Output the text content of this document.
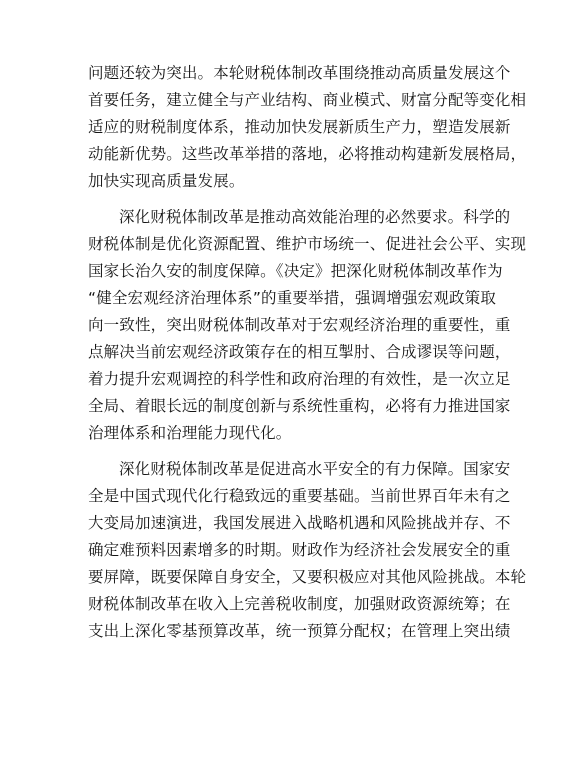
问题还较为突出。本轮财税体制改革围绕推动高质量发展这个
首要任务，建立健全与产业结构、商业模式、财富分配等变化相
适应的财税制度体系，推动加快发展新质生产力，塑造发展新
动能新优势。这些改革举措的落地，必将推动构建新发展格局，
加快实现高质量发展。
深化财税体制改革是推动高效能治理的必然要求。科学的
财税体制是优化资源配置、维护市场统一、促进社会公平、实现
国家长治久安的制度保障。《决定》把深化财税体制改革作为
“健全宏观经济治理体系”的重要举措，强调增强宏观政策取
向一致性，突出财税体制改革对于宏观经济治理的重要性，重
点解决当前宏观经济政策存在的相互掣肘、合成谬误等问题，
着力提升宏观调控的科学性和政府治理的有效性，是一次立足
全局、着眼长远的制度创新与系统性重构，必将有力推进国家
治理体系和治理能力现代化。
深化财税体制改革是促进高水平安全的有力保障。国家安
全是中国式现代化行稳致远的重要基础。当前世界百年未有之
大变局加速演进，我国发展进入战略机遇和风险挑战并存、不
确定难预料因素增多的时期。财政作为经济社会发展安全的重
要屏障，既要保障自身安全，又要积极应对其他风险挑战。本轮
财税体制改革在收入上完善税收制度，加强财政资源统筹；在
支出上深化零基预算改革，统一预算分配权；在管理上突出绩
